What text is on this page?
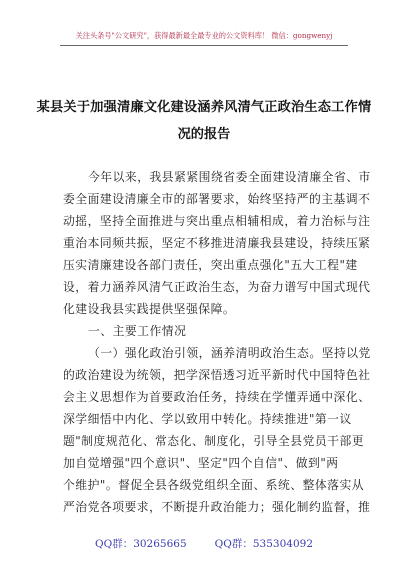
关注头条号"公文研究"，获得最新最全最专业的公文资料库！ 微信：gongwenyj
某县关于加强清廉文化建设涵养风清气正政治生态工作情
况的报告
今年以来，我县紧紧围绕省委全面建设清廉全省、市
委全面建设清廉全市的部署要求，始终坚持严的主基调不
动摇，坚持全面推进与突出重点相辅相成，着力治标与注
重治本同频共振，坚定不移推进清廉我县建设，持续压紧
压实清廉建设各部门责任，突出重点强化"五大工程"建
设，着力涵养风清气正政治生态，为奋力谱写中国式现代
化建设我县实践提供坚强保障。
一、主要工作情况
（一）强化政治引领，涵养清明政治生态。坚持以党
的政治建设为统领，把学深悟透习近平新时代中国特色社
会主义思想作为首要政治任务，持续在学懂弄通中深化、
深学细悟中内化、学以致用中转化。持续推进"第一议
题"制度规范化、常态化、制度化，引导全县党员干部更
加自觉增强"四个意识"、坚定"四个自信"、做到"两
个维护"。督促全县各级党组织全面、系统、整体落实从
严治党各项要求，不断提升政治能力；强化制约监督，推
QQ群：30265665	QQ群：535304092
